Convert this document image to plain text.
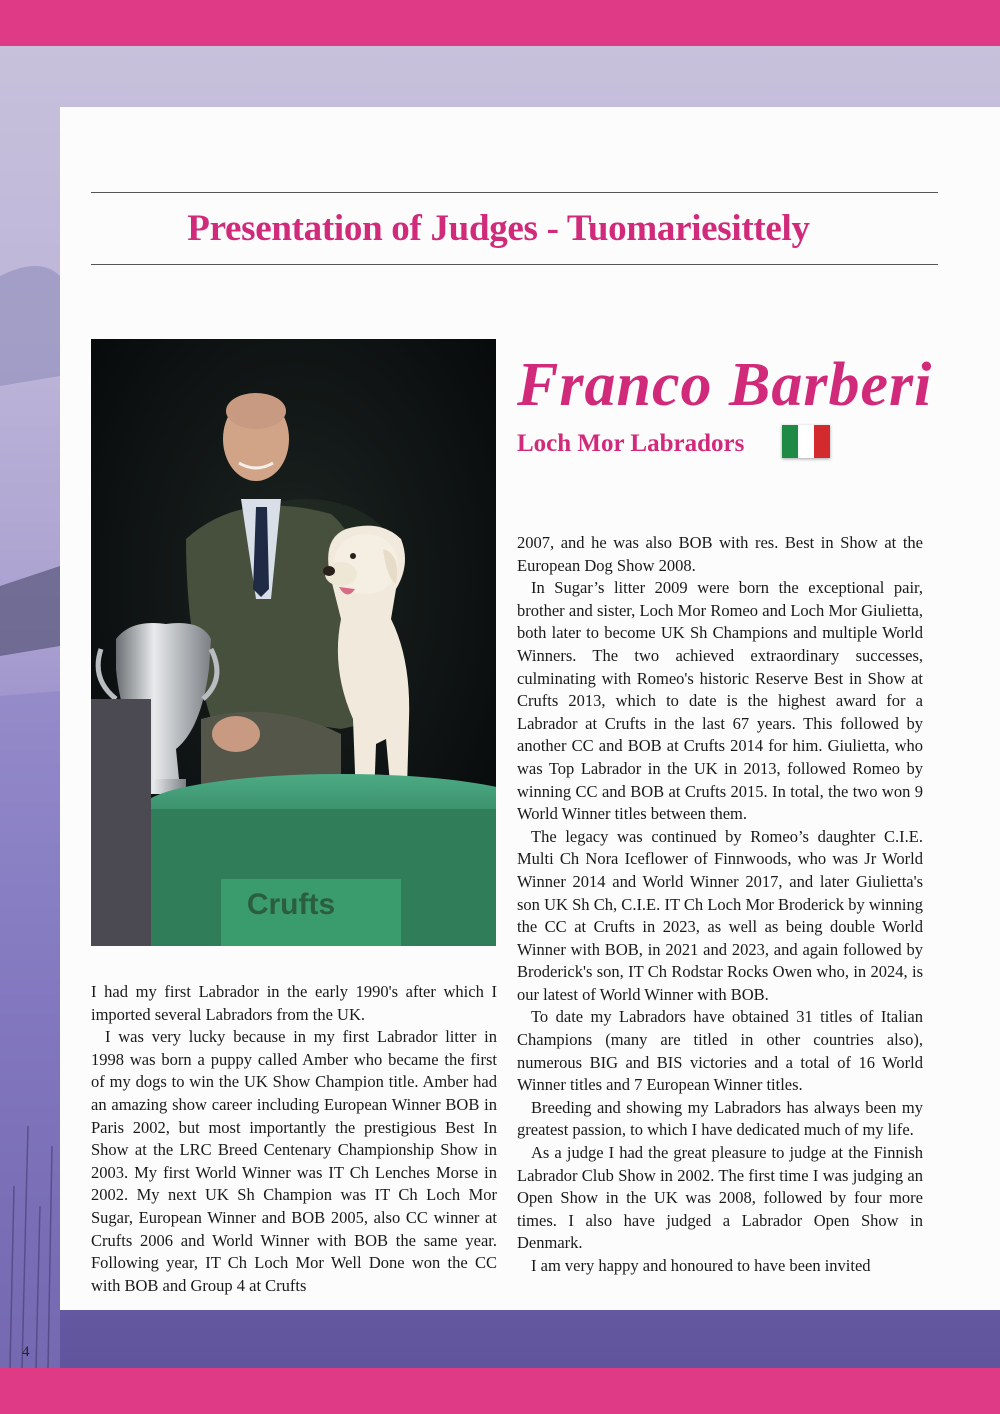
Presentation of Judges - Tuomariesittely
Crufts
Franco Barberi
Loch Mor Labradors

I had my first Labrador in the early 1990's after which I imported several Labradors from the UK.

I was very lucky because in my first Labrador litter in 1998 was born a puppy called Amber who became the first of my dogs to win the UK Show Champion title. Amber had an amazing show career including European Winner BOB in Paris 2002, but most importantly the prestigious Best In Show at the LRC Breed Centenary Championship Show in 2003. My first World Winner was IT Ch Lenches Morse in 2002. My next UK Sh Champion was IT Ch Loch Mor Sugar, European Winner and BOB 2005, also CC winner at Crufts 2006 and World Winner with BOB the same year. Following year, IT Ch Loch Mor Well Done won the CC with BOB and Group 4 at Crufts

2007, and he was also BOB with res. Best in Show at the European Dog Show 2008.

In Sugar’s litter 2009 were born the exceptional pair, brother and sister, Loch Mor Romeo and Loch Mor Giulietta, both later to become UK Sh Champions and multiple World Winners. The two achieved extraordinary successes, culminating with Romeo's historic Reserve Best in Show at Crufts 2013, which to date is the highest award for a Labrador at Crufts in the last 67 years. This followed by another CC and BOB at Crufts 2014 for him. Giulietta, who was Top Labrador in the UK in 2013, followed Romeo by winning CC and BOB at Crufts 2015. In total, the two won 9 World Winner titles between them.

The legacy was continued by Romeo’s daughter C.I.E. Multi Ch Nora Iceflower of Finnwoods, who was Jr World Winner 2014 and World Winner 2017, and later Giulietta's son UK Sh Ch, C.I.E. IT Ch Loch Mor Broderick by winning the CC at Crufts in 2023, as well as being double World Winner with BOB, in 2021 and 2023, and again followed by Broderick's son, IT Ch Rodstar Rocks Owen who, in 2024, is our latest of World Winner with BOB.

To date my Labradors have obtained 31 titles of Italian Champions (many are titled in other countries also), numerous BIG and BIS victories and a total of 16 World Winner titles and 7 European Winner titles.

Breeding and showing my Labradors has always been my greatest passion, to which I have dedicated much of my life.

As a judge I had the great pleasure to judge at the Finnish Labrador Club Show in 2002. The first time I was judging an Open Show in the UK was 2008, followed by four more times. I also have judged a Labrador Open Show in Denmark.

I am very happy and honoured to have been invited

4
